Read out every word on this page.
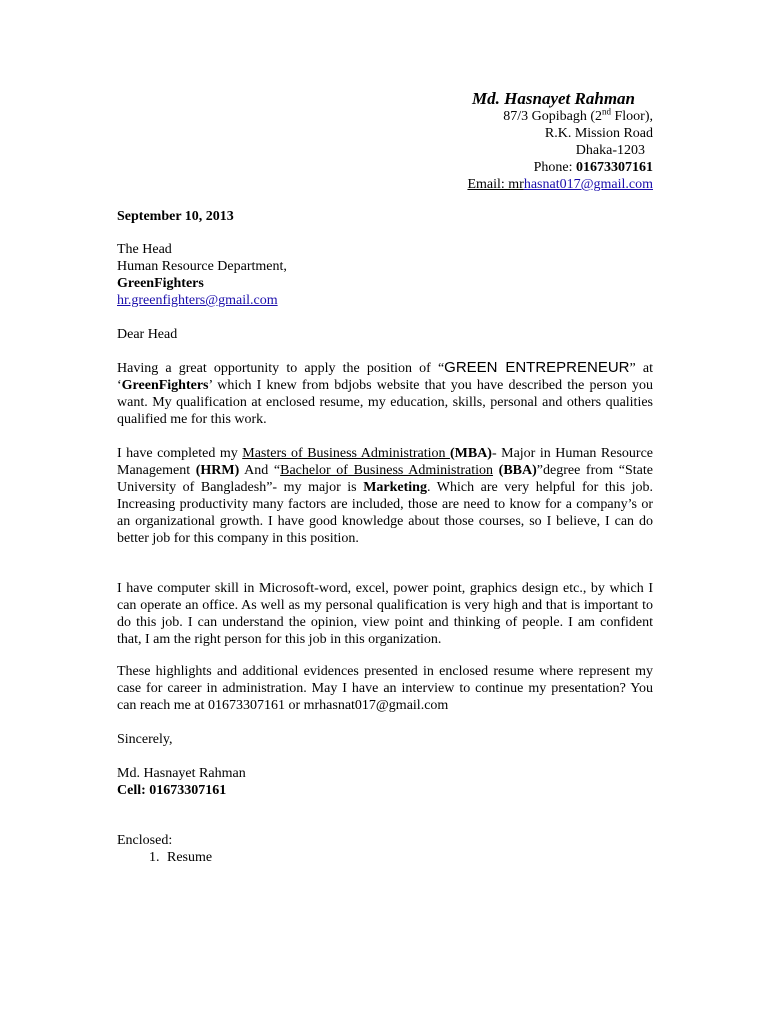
Md. Hasnayet Rahman
87/3 Gopibagh (2nd Floor),
R.K. Mission Road
Dhaka-1203
Phone: 01673307161
Email: mrhasnat017@gmail.com
September 10, 2013
The Head
Human Resource Department,
GreenFighters
hr.greenfighters@gmail.com
Dear Head
Having a great opportunity to apply the position of “GREEN ENTREPRENEUR” at ‘GreenFighters’ which I knew from bdjobs website that you have described the person you want. My qualification at enclosed resume, my education, skills, personal and others qualities qualified me for this work.
I have completed my Masters of Business Administration (MBA)- Major in Human Resource Management (HRM) And “Bachelor of Business Administration (BBA)”degree from “State University of Bangladesh”- my major is Marketing. Which are very helpful for this job. Increasing productivity many factors are included, those are need to know for a company’s or an organizational growth. I have good knowledge about those courses, so I believe, I can do better job for this company in this position.
I have computer skill in Microsoft-word, excel, power point, graphics design etc., by which I can operate an office. As well as my personal qualification is very high and that is important to do this job. I can understand the opinion, view point and thinking of people. I am confident that, I am the right person for this job in this organization.
These highlights and additional evidences presented in enclosed resume where represent my case for career in administration. May I have an interview to continue my presentation? You can reach me at 01673307161 or mrhasnat017@gmail.com
Sincerely,
Md. Hasnayet Rahman
Cell: 01673307161
Enclosed:
1. Resume
